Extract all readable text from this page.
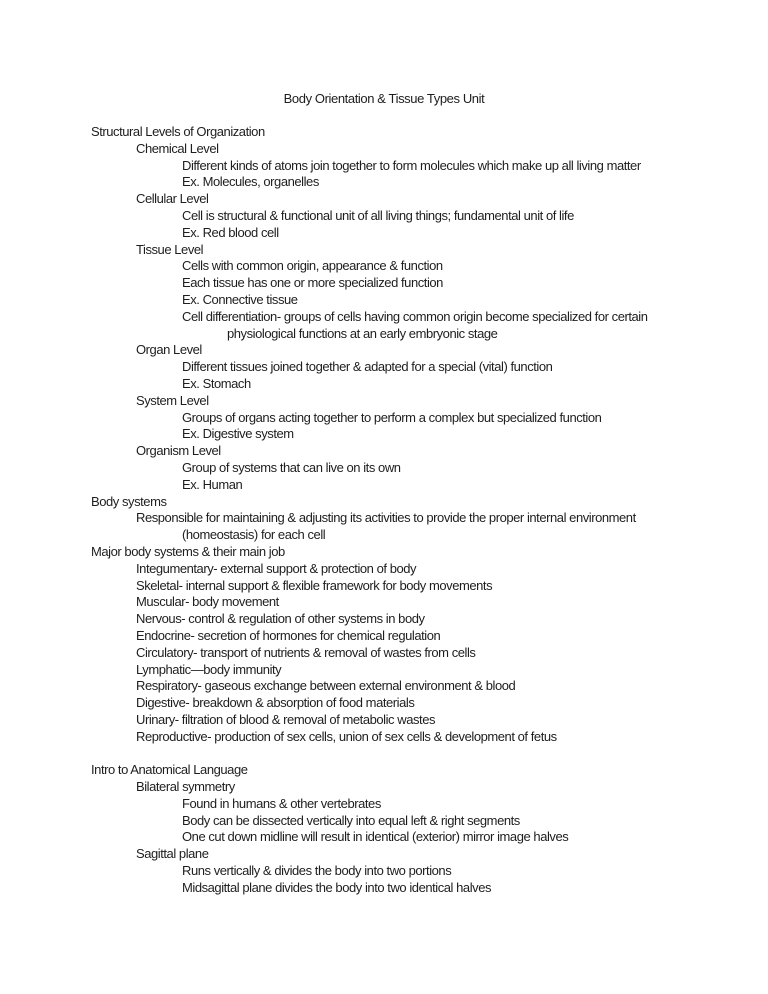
Body Orientation & Tissue Types Unit
Structural Levels of Organization
Chemical Level
Different kinds of atoms join together to form molecules which make up all living matter
Ex. Molecules, organelles
Cellular Level
Cell is structural & functional unit of all living things; fundamental unit of life
Ex. Red blood cell
Tissue Level
Cells with common origin, appearance & function
Each tissue has one or more specialized function
Ex. Connective tissue
Cell differentiation- groups of cells having common origin become specialized for certain
physiological functions at an early embryonic stage
Organ Level
Different tissues joined together & adapted for a special (vital) function
Ex. Stomach
System Level
Groups of organs acting together to perform a complex but specialized function
Ex. Digestive system
Organism Level
Group of systems that can live on its own
Ex. Human
Body systems
Responsible for maintaining & adjusting its activities to provide the proper internal environment
(homeostasis) for each cell
Major body systems & their main job
Integumentary- external support & protection of body
Skeletal- internal support & flexible framework for body movements
Muscular- body movement
Nervous- control & regulation of other systems in body
Endocrine- secretion of hormones for chemical regulation
Circulatory- transport of nutrients & removal of wastes from cells
Lymphatic—body immunity
Respiratory- gaseous exchange between external environment & blood
Digestive- breakdown & absorption of food materials
Urinary- filtration of blood & removal of metabolic wastes
Reproductive- production of sex cells, union of sex cells & development of fetus
Intro to Anatomical Language
Bilateral symmetry
Found in humans & other vertebrates
Body can be dissected vertically into equal left & right segments
One cut down midline will result in identical (exterior) mirror image halves
Sagittal plane
Runs vertically & divides the body into two portions
Midsagittal plane divides the body into two identical halves
